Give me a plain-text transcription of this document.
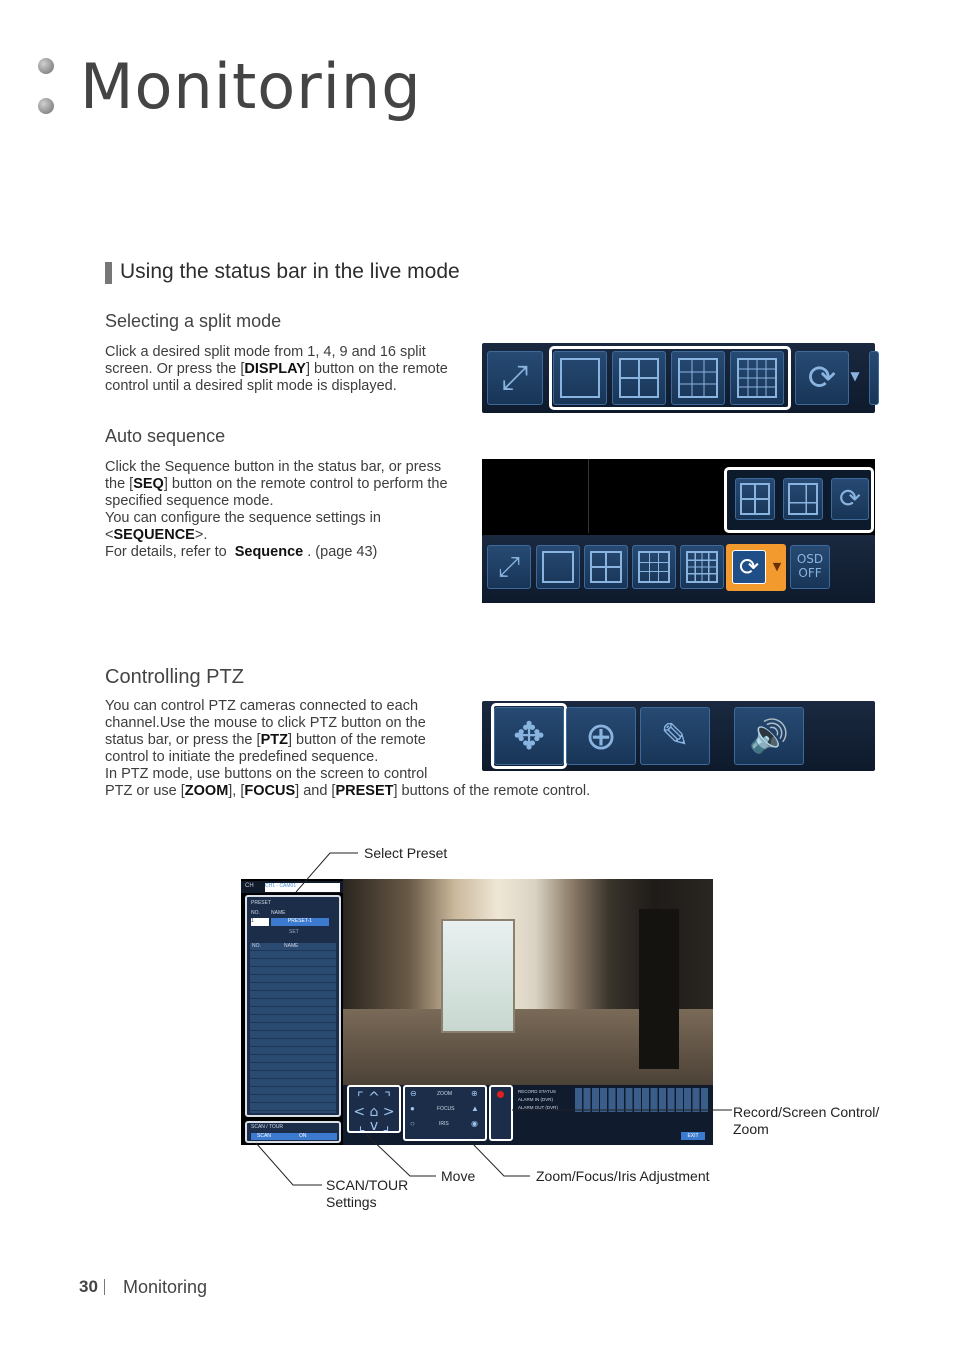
Monitoring
Using the status bar in the live mode
Selecting a split mode

Click a desired split mode from 1, 4, 9 and 16 split

screen. Or press the [DISPLAY] button on the remote

control until a desired split mode is displayed.	⤢	⟳	▼
Auto sequence

Click the Sequence button in the status bar, or press

the [SEQ] button on the remote control to perform the

specified sequence mode.

You can configure the sequence settings in

<SEQUENCE>.

For details, refer to Sequence . (page 43)

⟳
⤢	⟳	▼
OSD
OFF
Controlling PTZ

You can control PTZ cameras connected to each

channel.Use the mouse to click PTZ button on the

status bar, or press the [PTZ] button of the remote

control to initiate the predefined sequence.

In PTZ mode, use buttons on the screen to control

PTZ or use [ZOOM], [FOCUS] and [PRESET] buttons of the remote control.

✥	⊕	✎	🔊
CH CH1 - CAM01
PRESET
NO. NAME
1	PRESET-1
SET
NO.	NAME
SCAN / TOUR
SCAN	ON
⌜ ^ ⌝
< ⌂ >
⌞ v ⌟
ZOOM
FOCUS
IRIS
⊖	⊕
●	▲
○	◉
RECORD STATUS
ALARM IN (DVR)
ALARM OUT (DVR)
EXIT
Select Preset
Record/Screen Control/
Zoom
SCAN/TOUR
Settings
Move	Zoom/Focus/Iris Adjustment
30 Monitoring
